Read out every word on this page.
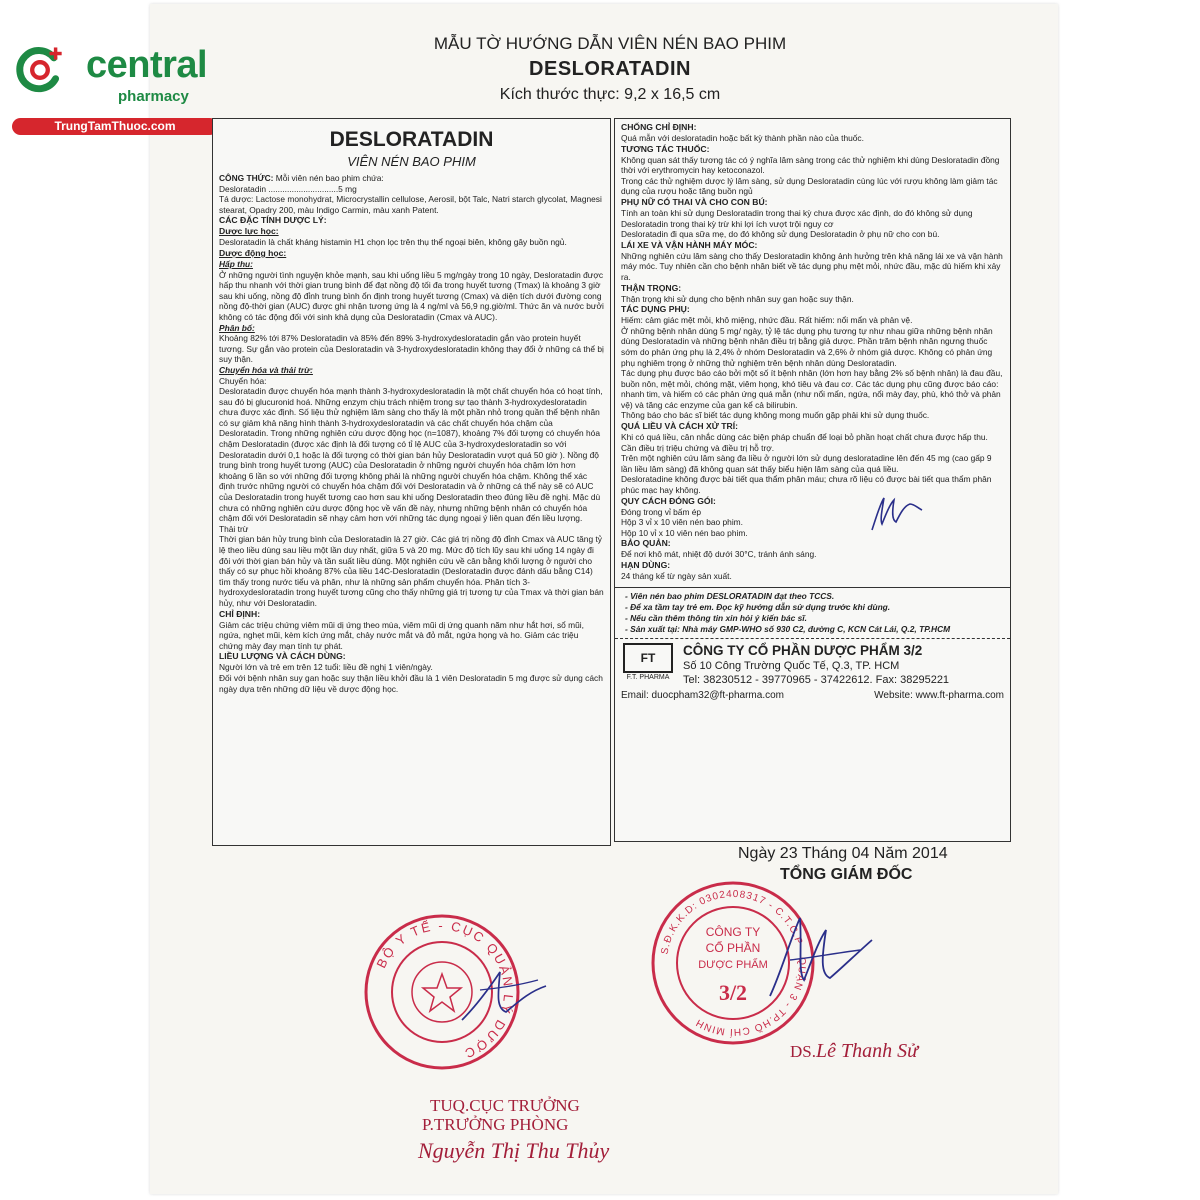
central
pharmacy
TrungTamThuoc.com
MẪU TỜ HƯỚNG DẪN VIÊN NÉN BAO PHIM
DESLORATADIN
Kích thước thực: 9,2 x 16,5 cm

DESLORATADIN

VIÊN NÉN BAO PHIM

CÔNG THỨC: Mỗi viên nén bao phim chứa:

Desloratadin ..............................5 mg

Tá dược: Lactose monohydrat, Microcrystallin cellulose, Aerosil, bột Talc, Natri starch glycolat, Magnesi stearat, Opadry 200, màu Indigo Carmin, màu xanh Patent.

CÁC ĐẶC TÍNH DƯỢC LÝ:

Dược lực học:

Desloratadin là chất kháng histamin H1 chọn lọc trên thụ thể ngoại biên, không gây buồn ngủ.

Dược động học:

Hấp thu:

Ở những người tình nguyện khỏe mạnh, sau khi uống liều 5 mg/ngày trong 10 ngày, Desloratadin được hấp thu nhanh với thời gian trung bình để đạt nồng độ tối đa trong huyết tương (Tmax) là khoảng 3 giờ sau khi uống, nồng độ đỉnh trung bình ổn định trong huyết tương (Cmax) và diện tích dưới đường cong nồng độ-thời gian (AUC) được ghi nhận tương ứng là 4 ng/ml và 56,9 ng.giờ/ml. Thức ăn và nước bưởi không có tác động đối với sinh khả dụng của Desloratadin (Cmax và AUC).

Phân bố:

Khoảng 82% tới 87% Desloratadin và 85% đến 89% 3-hydroxydesloratadin gắn vào protein huyết tương. Sự gắn vào protein của Desloratadin và 3-hydroxydesloratadin không thay đổi ở những cá thể bị suy thận.

Chuyển hóa và thải trừ:

Chuyển hóa:

Desloratadin được chuyển hóa mạnh thành 3-hydroxydesloratadin là một chất chuyển hóa có hoạt tính, sau đó bị glucuronid hoá. Những enzym chịu trách nhiệm trong sự tạo thành 3-hydroxydesloratadin chưa được xác định. Số liệu thử nghiệm lâm sàng cho thấy là một phần nhỏ trong quần thể bệnh nhân có sự giảm khả năng hình thành 3-hydroxydesloratadin và các chất chuyển hóa chậm của Desloratadin. Trong những nghiên cứu dược động học (n=1087), khoảng 7% đối tượng có chuyển hóa chậm Desloratadin (được xác định là đối tượng có tỉ lệ AUC của 3-hydroxydesloratadin so với Desloratadin dưới 0,1 hoặc là đối tượng có thời gian bán hủy Desloratadin vượt quá 50 giờ ). Nồng độ trung bình trong huyết tương (AUC) của Desloratadin ở những người chuyển hóa chậm lớn hơn khoảng 6 lần so với những đối tượng không phải là những người chuyển hóa chậm. Không thể xác định trước những người có chuyển hóa chậm đối với Desloratadin và ở những cá thể này sẽ có AUC của Desloratadin trong huyết tương cao hơn sau khi uống Desloratadin theo đúng liều đề nghị. Mặc dù chưa có những nghiên cứu dược động học về vấn đề này, nhưng những bệnh nhân có chuyển hóa chậm đối với Desloratadin sẽ nhạy cảm hơn với những tác dụng ngoại ý liên quan đến liều lượng.

Thải trừ

Thời gian bán hủy trung bình của Desloratadin là 27 giờ. Các giá trị nồng độ đỉnh Cmax và AUC tăng tỷ lệ theo liều dùng sau liều một lần duy nhất, giữa 5 và 20 mg. Mức độ tích lũy sau khi uống 14 ngày đi đôi với thời gian bán hủy và tần suất liều dùng. Một nghiên cứu về cân bằng khối lượng ở người cho thấy có sự phục hồi khoảng 87% của liều 14C-Desloratadin (Desloratadin được đánh dấu bằng C14) tìm thấy trong nước tiểu và phân, như là những sản phẩm chuyển hóa. Phân tích 3-hydroxydesloratadin trong huyết tương cũng cho thấy những giá trị tương tự của Tmax và thời gian bán hủy, như với Desloratadin.

CHỈ ĐỊNH:

Giảm các triệu chứng viêm mũi dị ứng theo mùa, viêm mũi dị ứng quanh năm như hắt hơi, sổ mũi, ngứa, nghẹt mũi, kèm kích ứng mắt, chảy nước mắt và đỏ mắt, ngứa họng và ho. Giảm các triệu chứng mày đay mạn tính tự phát.

LIỀU LƯỢNG VÀ CÁCH DÙNG:

Người lớn và trẻ em trên 12 tuổi: liều đề nghị 1 viên/ngày.

Đối với bệnh nhân suy gan hoặc suy thận liều khởi đầu là 1 viên Desloratadin 5 mg được sử dụng cách ngày dựa trên những dữ liệu về dược động học.

CHỐNG CHỈ ĐỊNH:

Quá mẫn với desloratadin hoặc bất kỳ thành phần nào của thuốc.

TƯƠNG TÁC THUỐC:

Không quan sát thấy tương tác có ý nghĩa lâm sàng trong các thử nghiệm khi dùng Desloratadin đồng thời với erythromycin hay ketoconazol.

Trong các thử nghiệm dược lý lâm sàng, sử dụng Desloratadin cùng lúc với rượu không làm giảm tác dụng của rượu hoặc tăng buồn ngủ

PHỤ NỮ CÓ THAI VÀ CHO CON BÚ:

Tính an toàn khi sử dụng Desloratadin trong thai kỳ chưa được xác định, do đó không sử dụng Desloratadin trong thai kỳ trừ khi lợi ích vượt trội nguy cơ

Desloratadin đi qua sữa mẹ, do đó không sử dụng Desloratadin ở phụ nữ cho con bú.

LÁI XE VÀ VẬN HÀNH MÁY MÓC:

Những nghiên cứu lâm sàng cho thấy Desloratadin không ảnh hưởng trên khả năng lái xe và vận hành máy móc. Tuy nhiên cần cho bệnh nhân biết về tác dụng phụ mệt mỏi, nhức đầu, mặc dù hiếm khi xảy ra.

THẬN TRỌNG:

Thận trọng khi sử dụng cho bệnh nhân suy gan hoặc suy thận.

TÁC DỤNG PHỤ:

Hiếm: cảm giác mệt mỏi, khô miệng, nhức đầu. Rất hiếm: nổi mẩn và phản vệ.

Ở những bệnh nhân dùng 5 mg/ ngày, tỷ lệ tác dụng phụ tương tự như nhau giữa những bệnh nhân dùng Desloratadin và những bệnh nhân điều trị bằng giả dược. Phần trăm bệnh nhân ngưng thuốc sớm do phản ứng phụ là 2,4% ở nhóm Desloratadin và 2,6% ở nhóm giả dược. Không có phản ứng phụ nghiêm trọng ở những thử nghiệm trên bệnh nhân dùng Desloratadin.

Tác dụng phụ được báo cáo bởi một số ít bệnh nhân (lớn hơn hay bằng 2% số bệnh nhân) là đau đầu, buồn nôn, mệt mỏi, chóng mặt, viêm họng, khó tiêu và đau cơ. Các tác dụng phụ cũng được báo cáo: nhanh tim, và hiếm có các phản ứng quá mẫn (như nổi mẩn, ngứa, nổi mày đay, phù, khó thở và phản vệ) và tăng các enzyme của gan kể cả bilirubin.

Thông báo cho bác sĩ biết tác dụng không mong muốn gặp phải khi sử dụng thuốc.

QUÁ LIỀU VÀ CÁCH XỬ TRÍ:

Khi có quá liều, cân nhắc dùng các biện pháp chuẩn để loại bỏ phần hoạt chất chưa được hấp thu. Cần điều trị triệu chứng và điều trị hỗ trợ.

Trên một nghiên cứu lâm sàng đa liều ở người lớn sử dụng desloratadine lên đến 45 mg (cao gấp 9 lần liều lâm sàng) đã không quan sát thấy biểu hiện lâm sàng của quá liều.

Desloratadine không được bài tiết qua thẩm phân máu; chưa rõ liệu có được bài tiết qua thẩm phân phúc mạc hay không.

QUY CÁCH ĐÓNG GÓI:

Đóng trong vỉ bấm ép

Hộp 3 vỉ x 10 viên nén bao phim.

Hộp 10 vỉ x 10 viên nén bao phim.

BẢO QUẢN:

Để nơi khô mát, nhiệt độ dưới 30°C, tránh ánh sáng.

HẠN DÙNG:

24 tháng kể từ ngày sản xuất.

- Viên nén bao phim DESLORATADIN đạt theo TCCS.

- Để xa tầm tay trẻ em. Đọc kỹ hướng dẫn sử dụng trước khi dùng.

- Nếu cần thêm thông tin xin hỏi ý kiến bác sĩ.

- Sản xuất tại: Nhà máy GMP-WHO số 930 C2, đường C, KCN Cát Lái, Q.2, TP.HCM

FT
F.T. PHARMA

CÔNG TY CỔ PHẦN DƯỢC PHẨM 3/2

Số 10 Công Trường Quốc Tế, Q.3, TP. HCM

Tel: 38230512 - 39770965 - 37422612. Fax: 38295221

Email: duocpham32@ft-pharma.com	Website: www.ft-pharma.com
Ngày 23 Tháng 04 Năm 2014
TỔNG GIÁM ĐỐC
S.Đ.K.K.D: 0302408317 - C.T.C.P - QUẬN 3 - TP.HỒ CHÍ MINH
CÔNG TY
CỔ PHẦN
DƯỢC PHẨM
3/2
DS.Lê Thanh Sử
BỘ Y TẾ - CỤC QUẢN LÝ DƯỢC
TUQ.CỤC TRƯỞNG
P.TRƯỞNG PHÒNG
Nguyễn Thị Thu Thủy
